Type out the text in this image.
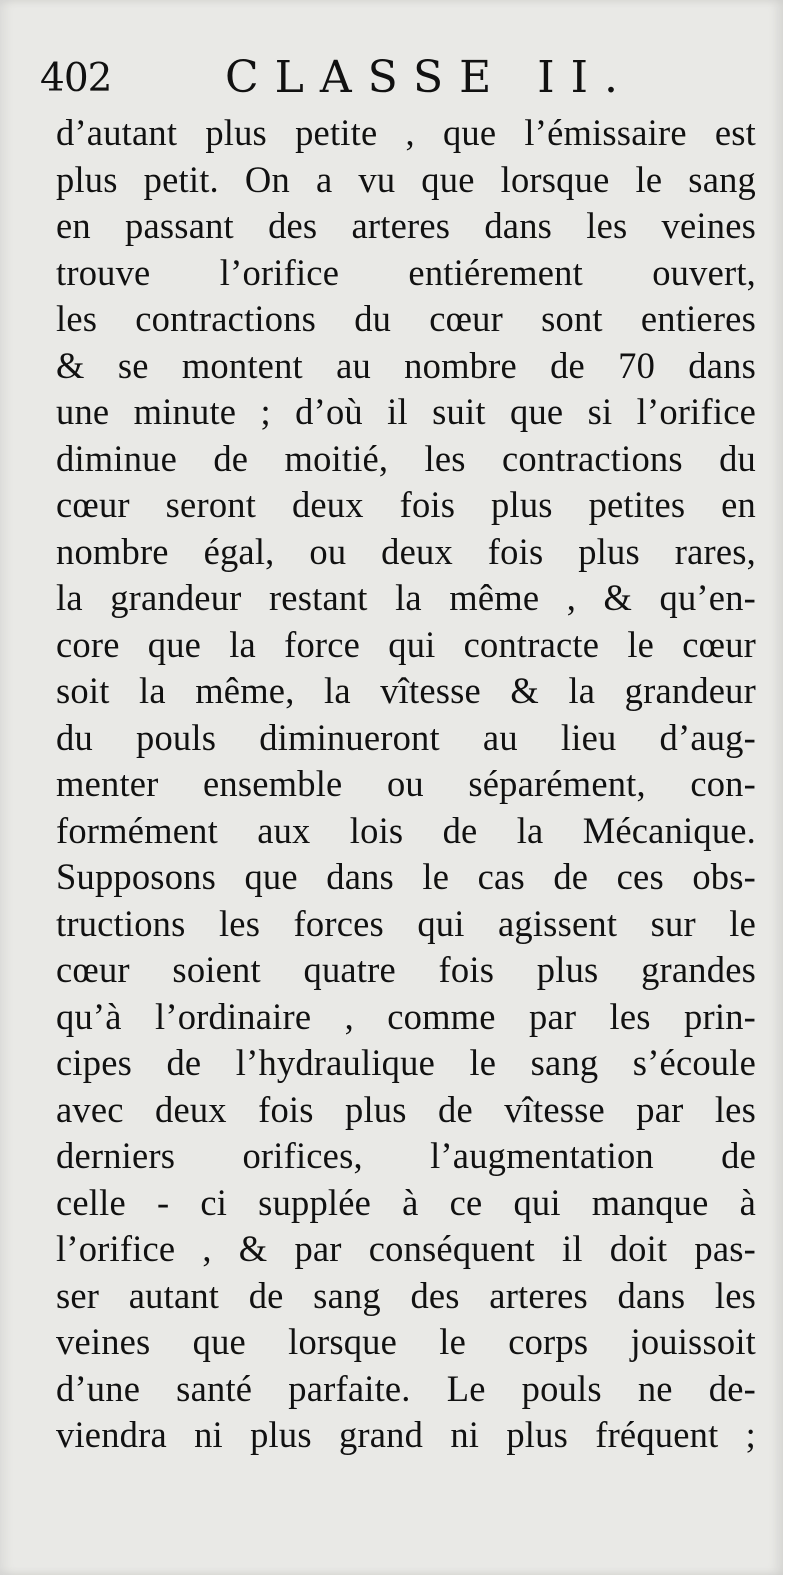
402	CLASSE II.
d’autant plus petite , que l’émissaire est
plus petit. On a vu que lorsque le sang
en passant des arteres dans les veines
trouve l’orifice entiérement ouvert,
les contractions du cœur sont entieres
& se montent au nombre de 70 dans
une minute ; d’où il suit que si l’orifice
diminue de moitié, les contractions du
cœur seront deux fois plus petites en
nombre égal, ou deux fois plus rares,
la grandeur restant la même , & qu’en-
core que la force qui contracte le cœur
soit la même, la vîtesse & la grandeur
du pouls diminueront au lieu d’aug-
menter ensemble ou séparément, con-
formément aux lois de la Mécanique.
Supposons que dans le cas de ces obs-
tructions les forces qui agissent sur le
cœur soient quatre fois plus grandes
qu’à l’ordinaire , comme par les prin-
cipes de l’hydraulique le sang s’écoule
avec deux fois plus de vîtesse par les
derniers orifices, l’augmentation de
celle - ci supplée à ce qui manque à
l’orifice , & par conséquent il doit pas-
ser autant de sang des arteres dans les
veines que lorsque le corps jouissoit
d’une santé parfaite. Le pouls ne de-
viendra ni plus grand ni plus fréquent ;
